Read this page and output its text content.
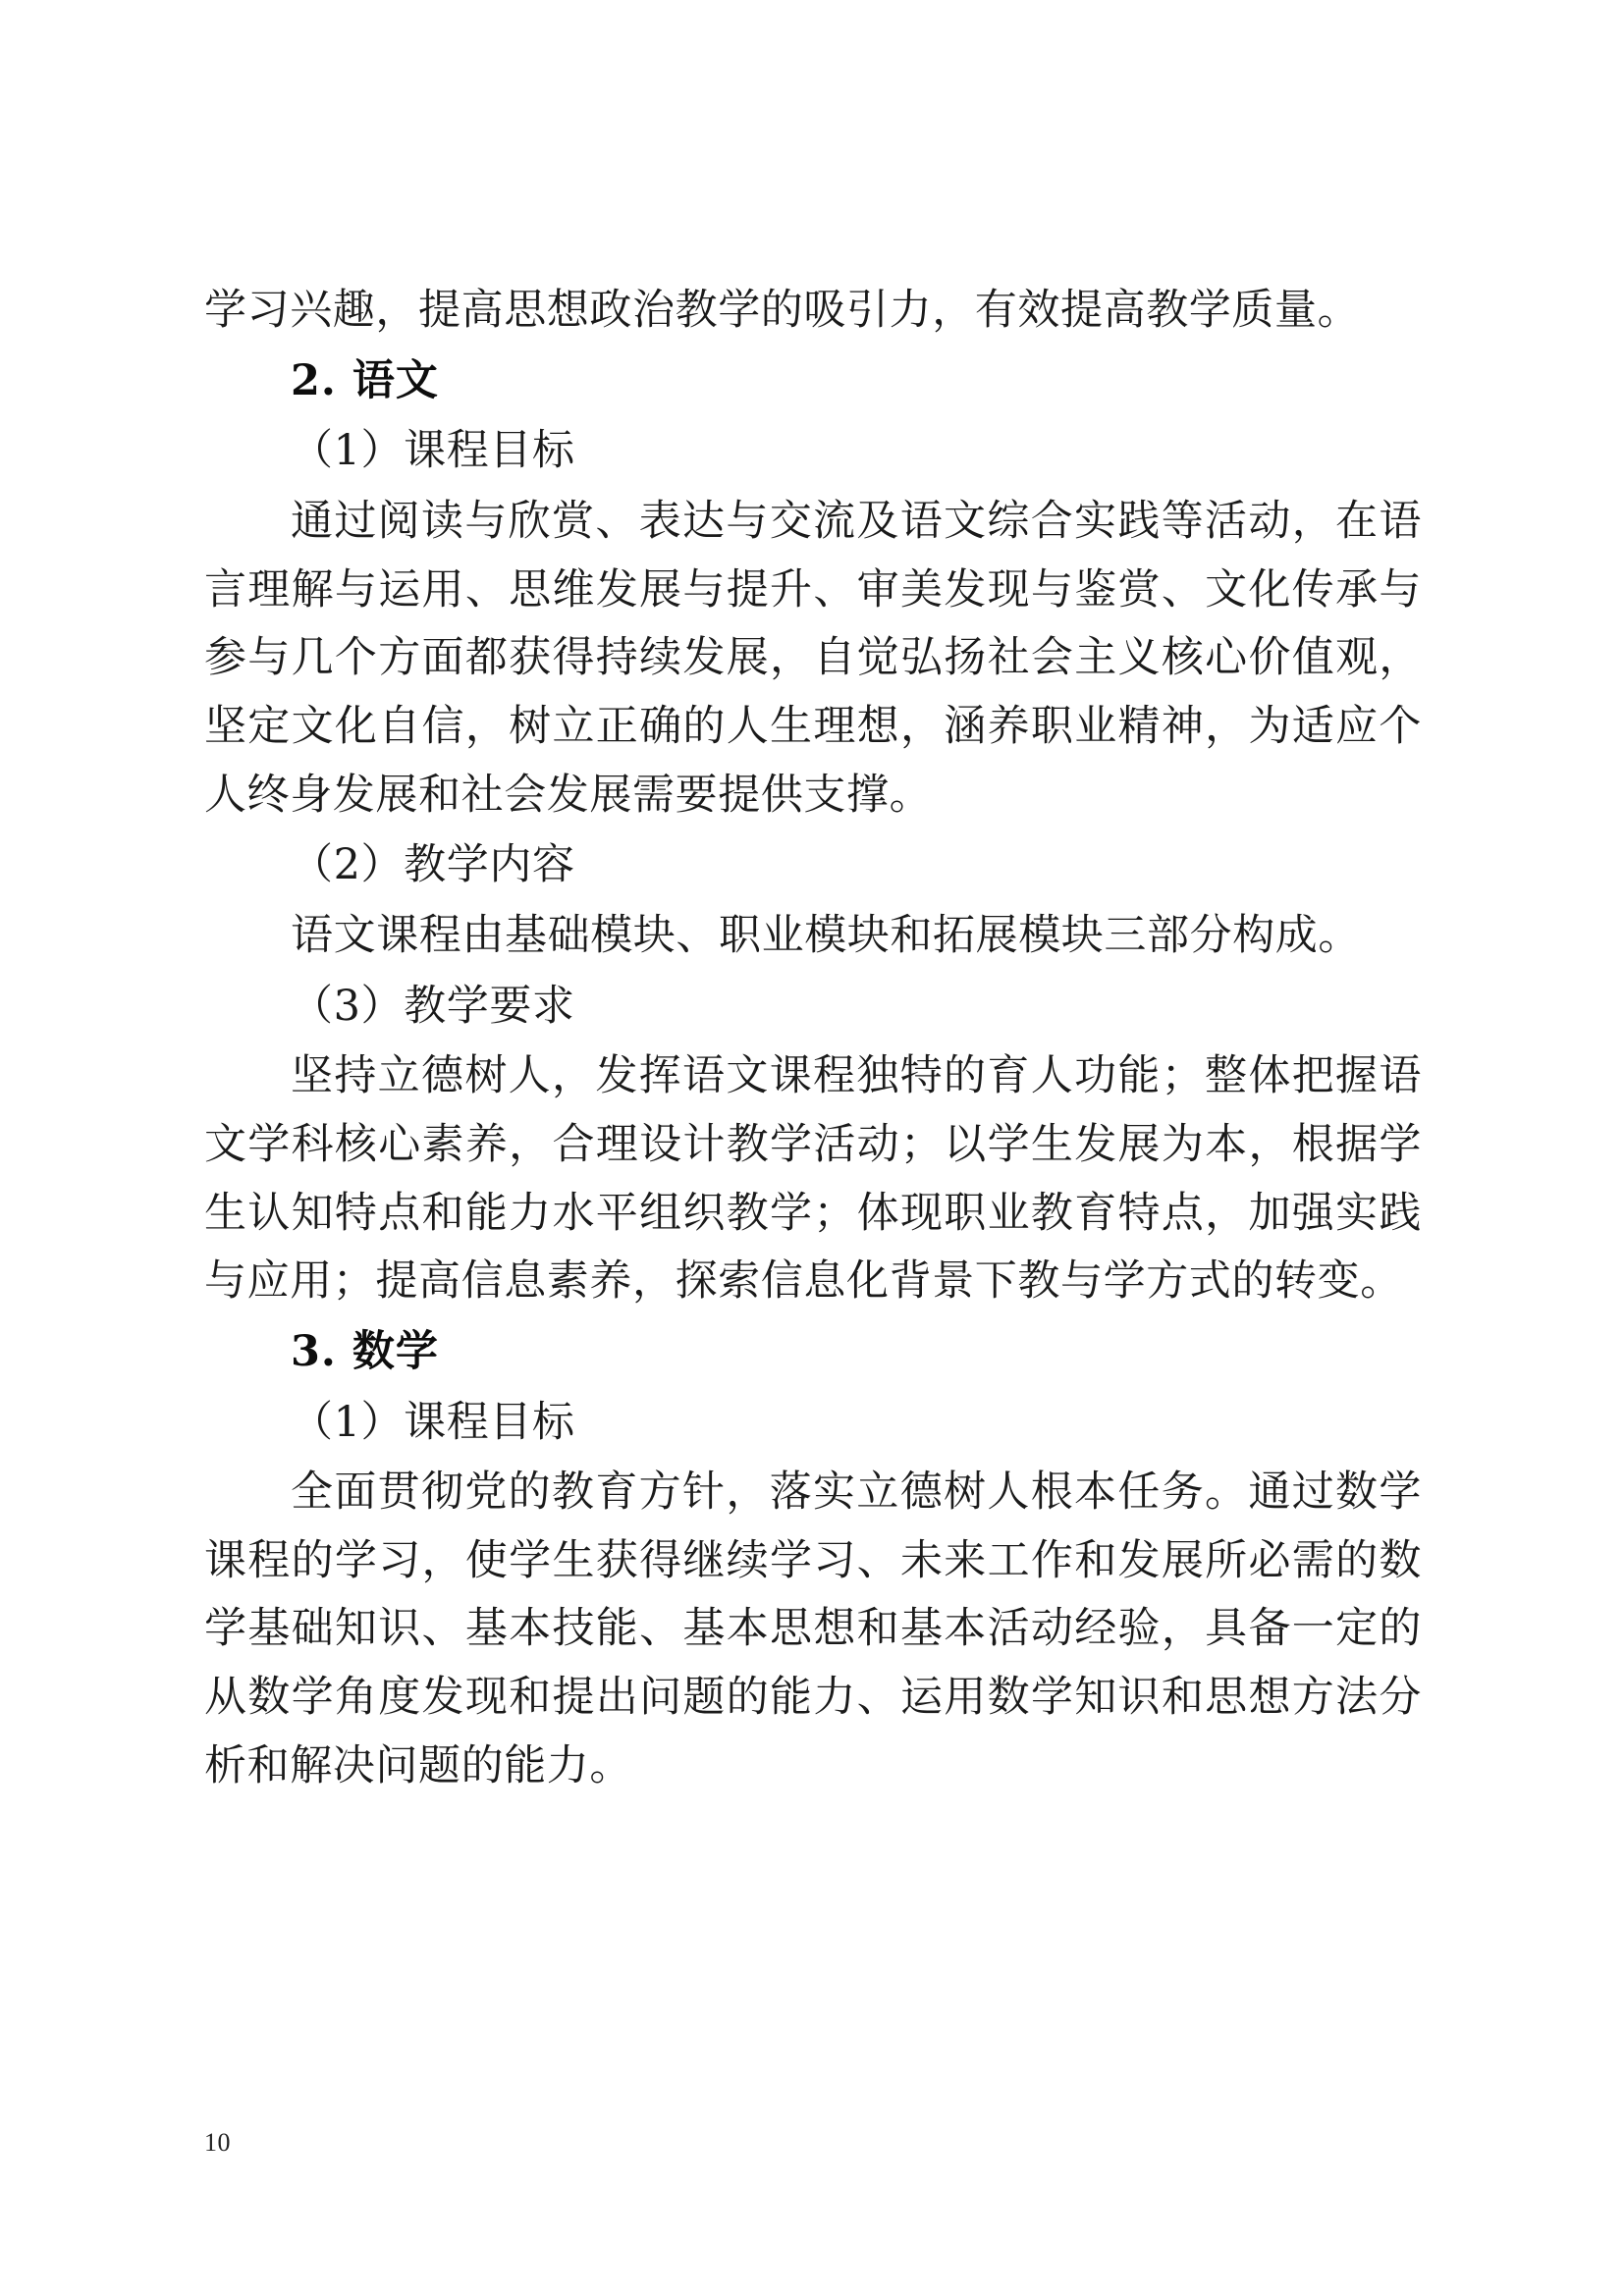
学习兴趣，提高思想政治教学的吸引力，有效提高教学质量。

2. 语文

（1）课程目标

通过阅读与欣赏、表达与交流及语文综合实践等活动，在语言理解与运用、思维发展与提升、审美发现与鉴赏、文化传承与参与几个方面都获得持续发展，自觉弘扬社会主义核心价值观，坚定文化自信，树立正确的人生理想，涵养职业精神，为适应个人终身发展和社会发展需要提供支撑。

（2）教学内容

语文课程由基础模块、职业模块和拓展模块三部分构成。

（3）教学要求

坚持立德树人，发挥语文课程独特的育人功能；整体把握语文学科核心素养，合理设计教学活动；以学生发展为本，根据学生认知特点和能力水平组织教学；体现职业教育特点，加强实践与应用；提高信息素养，探索信息化背景下教与学方式的转变。

3. 数学

（1）课程目标

全面贯彻党的教育方针，落实立德树人根本任务。通过数学课程的学习，使学生获得继续学习、未来工作和发展所必需的数学基础知识、基本技能、基本思想和基本活动经验，具备一定的从数学角度发现和提出问题的能力、运用数学知识和思想方法分析和解决问题的能力。

10
